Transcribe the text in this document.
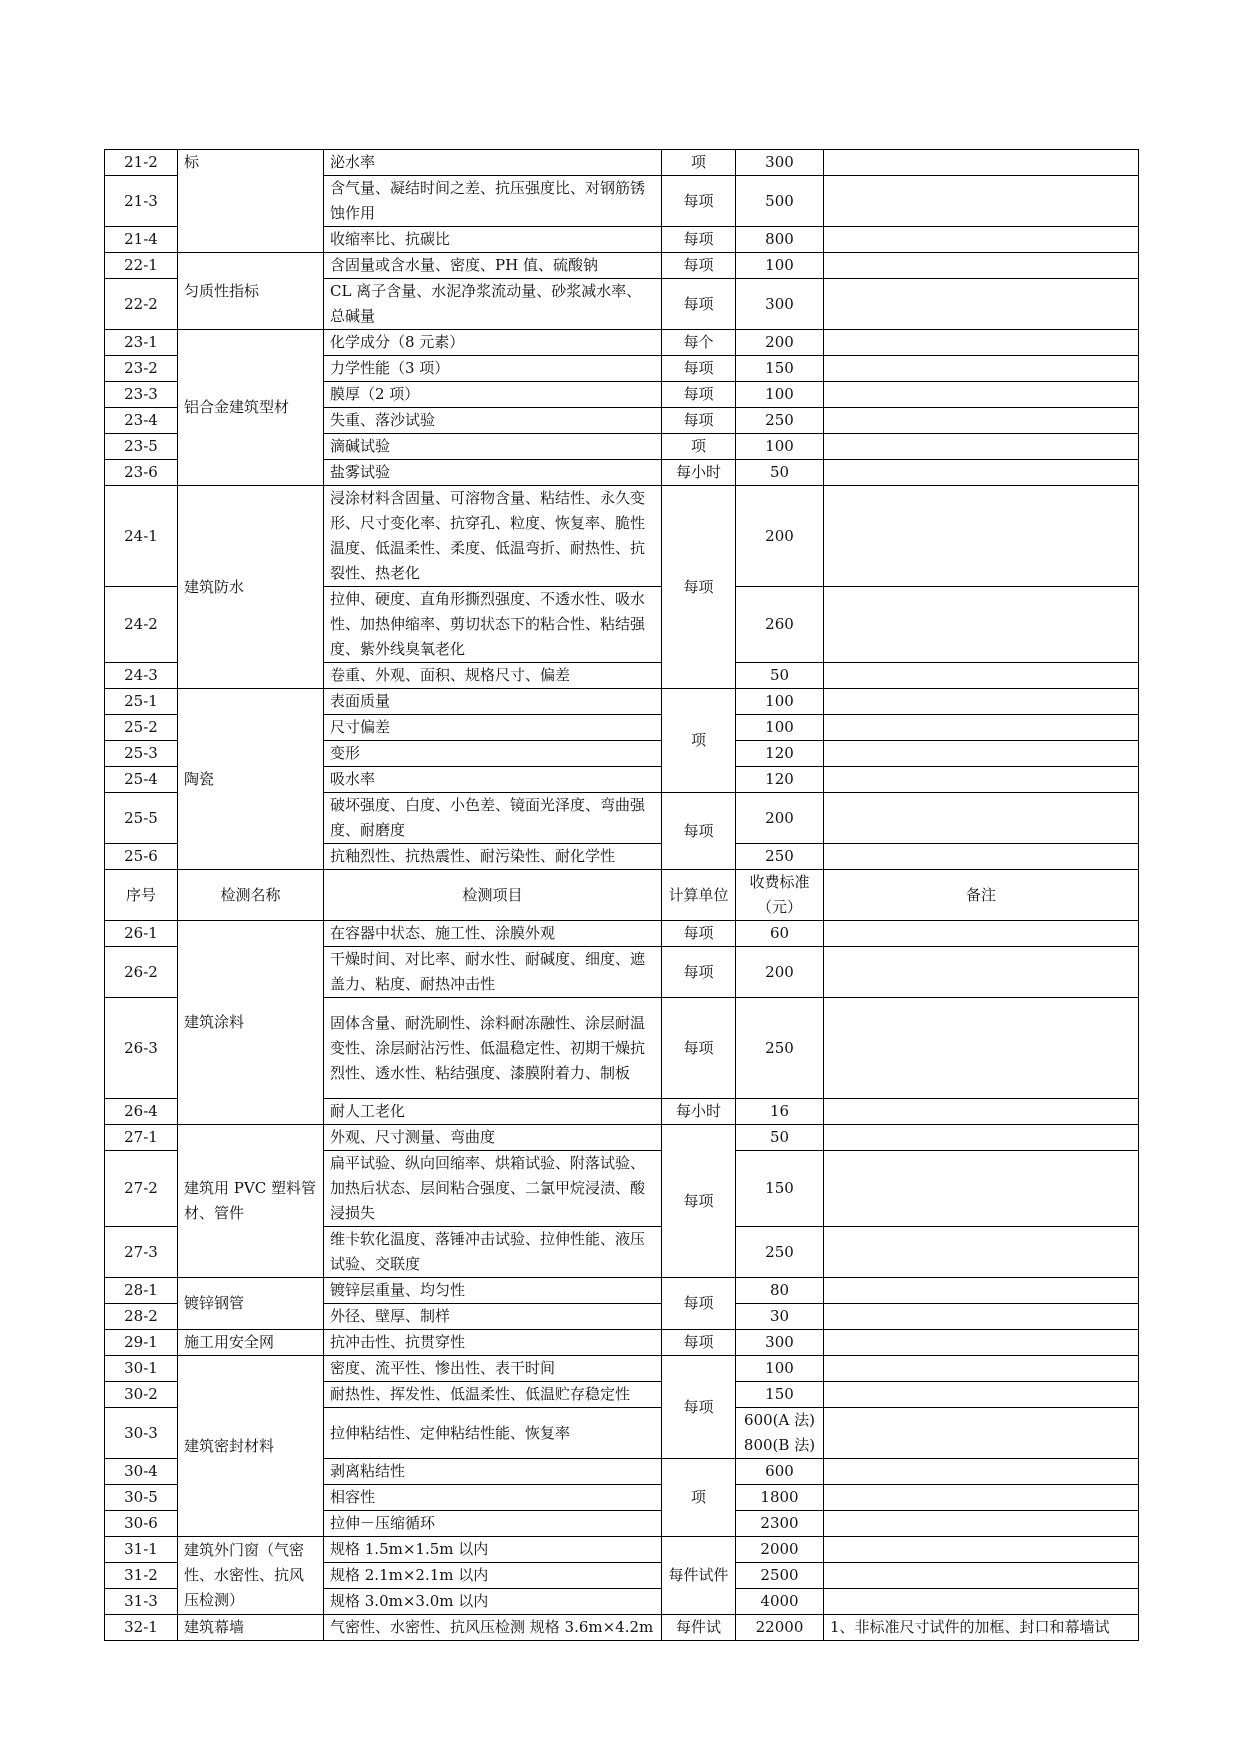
21-2	标	泌水率	项	300	
21-3		含气量、凝结时间之差、抗压强度比、对钢筋锈蚀作用	每项	500	
21-4		收缩率比、抗碳比	每项	800	
22-1	匀质性指标	含固量或含水量、密度、PH 值、硫酸钠	每项	100	
22-2		CL 离子含量、水泥净浆流动量、砂浆减水率、总碱量	每项	300	
23-1	铝合金建筑型材	化学成分（8 元素）	每个	200	
23-2		力学性能（3 项）	每项	150	
23-3		膜厚（2 项）	每项	100	
23-4		失重、落沙试验	每项	250	
23-5		滴碱试验	项	100	
23-6		盐雾试验	每小时	50	
24-1	建筑防水	浸涂材料含固量、可溶物含量、粘结性、永久变形、尺寸变化率、抗穿孔、粒度、恢复率、脆性温度、低温柔性、柔度、低温弯折、耐热性、抗裂性、热老化	每项	200	
24-2		拉伸、硬度、直角形撕烈强度、不透水性、吸水性、加热伸缩率、剪切状态下的粘合性、粘结强度、紫外线臭氧老化		260	
24-3		卷重、外观、面积、规格尺寸、偏差		50	
25-1	陶瓷	表面质量	项	100	
25-2		尺寸偏差		100	
25-3		变形		120	
25-4		吸水率		120	
25-5		破坏强度、白度、小色差、镜面光泽度、弯曲强度、耐磨度	每项	200	
25-6		抗釉烈性、抗热震性、耐污染性、耐化学性		250	
序号	检测名称	检测项目	计算单位	收费标准（元）	备注
26-1	建筑涂料	在容器中状态、施工性、涂膜外观	每项	60	
26-2		干燥时间、对比率、耐水性、耐碱度、细度、遮盖力、粘度、耐热冲击性	每项	200	
26-3		固体含量、耐洗刷性、涂料耐冻融性、涂层耐温变性、涂层耐沾污性、低温稳定性、初期干燥抗烈性、透水性、粘结强度、漆膜附着力、制板	每项	250	
26-4		耐人工老化	每小时	16	
27-1	建筑用 PVC 塑料管材、管件	外观、尺寸测量、弯曲度	每项	50	
27-2		扁平试验、纵向回缩率、烘箱试验、附落试验、加热后状态、层间粘合强度、二氯甲烷浸渍、酸浸损失		150	
27-3		维卡软化温度、落锤冲击试验、拉伸性能、液压试验、交联度		250	
28-1	镀锌钢管	镀锌层重量、均匀性	每项	80	
28-2		外径、壁厚、制样		30	
29-1	施工用安全网	抗冲击性、抗贯穿性	每项	300	
30-1	建筑密封材料	密度、流平性、惨出性、表干时间	每项	100	
30-2		耐热性、挥发性、低温柔性、低温贮存稳定性		150	
30-3		拉伸粘结性、定伸粘结性能、恢复率		600(A 法)
800(B 法)	

30-4		剥离粘结性	项	600	
30-5		相容性		1800	
30-6		拉伸－压缩循环		2300	
31-1	建筑外门窗（气密性、水密性、抗风压检测）	规格 1.5m×1.5m 以内	每件试件	2000	
31-2		规格 2.1m×2.1m 以内		2500	
31-3		规格 3.0m×3.0m 以内		4000	
32-1	建筑幕墙	气密性、水密性、抗风压检测 规格 3.6m×4.2m	每件试	22000	1、非标准尺寸试件的加框、封口和幕墙试
